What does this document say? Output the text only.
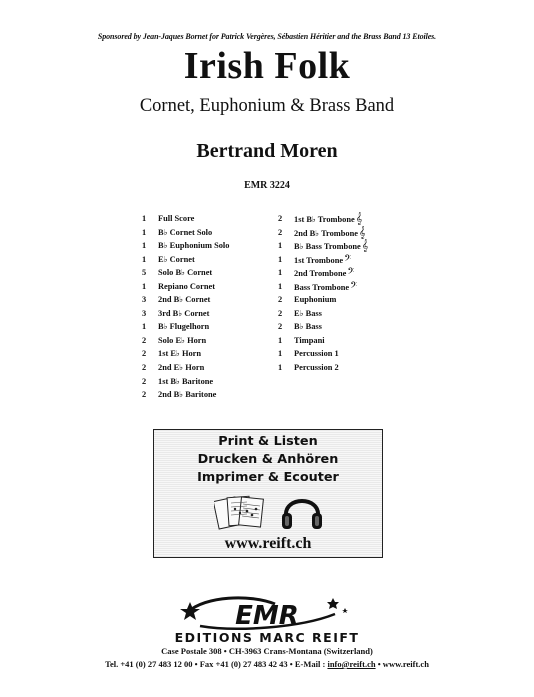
Sponsored by Jean-Jaques Bornet for Patrick Vergères, Sébastien Héritier and the Brass Band 13 Etoiles.
Irish Folk
Cornet, Euphonium & Brass Band
Bertrand Moren
EMR 3224
1	Full Score
1	B♭ Cornet Solo
1	B♭ Euphonium Solo
1	E♭ Cornet
5	Solo B♭ Cornet
1	Repiano Cornet
3	2nd B♭ Cornet
3	3rd B♭ Cornet
1	B♭ Flugelhorn
2	Solo E♭ Horn
2	1st E♭ Horn
2	2nd E♭ Horn
2	1st B♭ Baritone
2	2nd B♭ Baritone
2	1st B♭ Trombone𝄞
2	2nd B♭ Trombone𝄞
1	B♭ Bass Trombone𝄞
1	1st Trombone𝄢
1	2nd Trombone𝄢
1	Bass Trombone𝄢
2	Euphonium
2	E♭ Bass
2	B♭ Bass
1	Timpani
1	Percussion 1
1	Percussion 2
Print & Listen
Drucken & Anhören
Imprimer & Ecouter
www.reift.ch
EMR
EDITIONS MARC REIFT
Case Postale 308 • CH-3963 Crans-Montana (Switzerland)
Tel. +41 (0) 27 483 12 00 • Fax +41 (0) 27 483 42 43 • E-Mail : info@reift.ch • www.reift.ch
